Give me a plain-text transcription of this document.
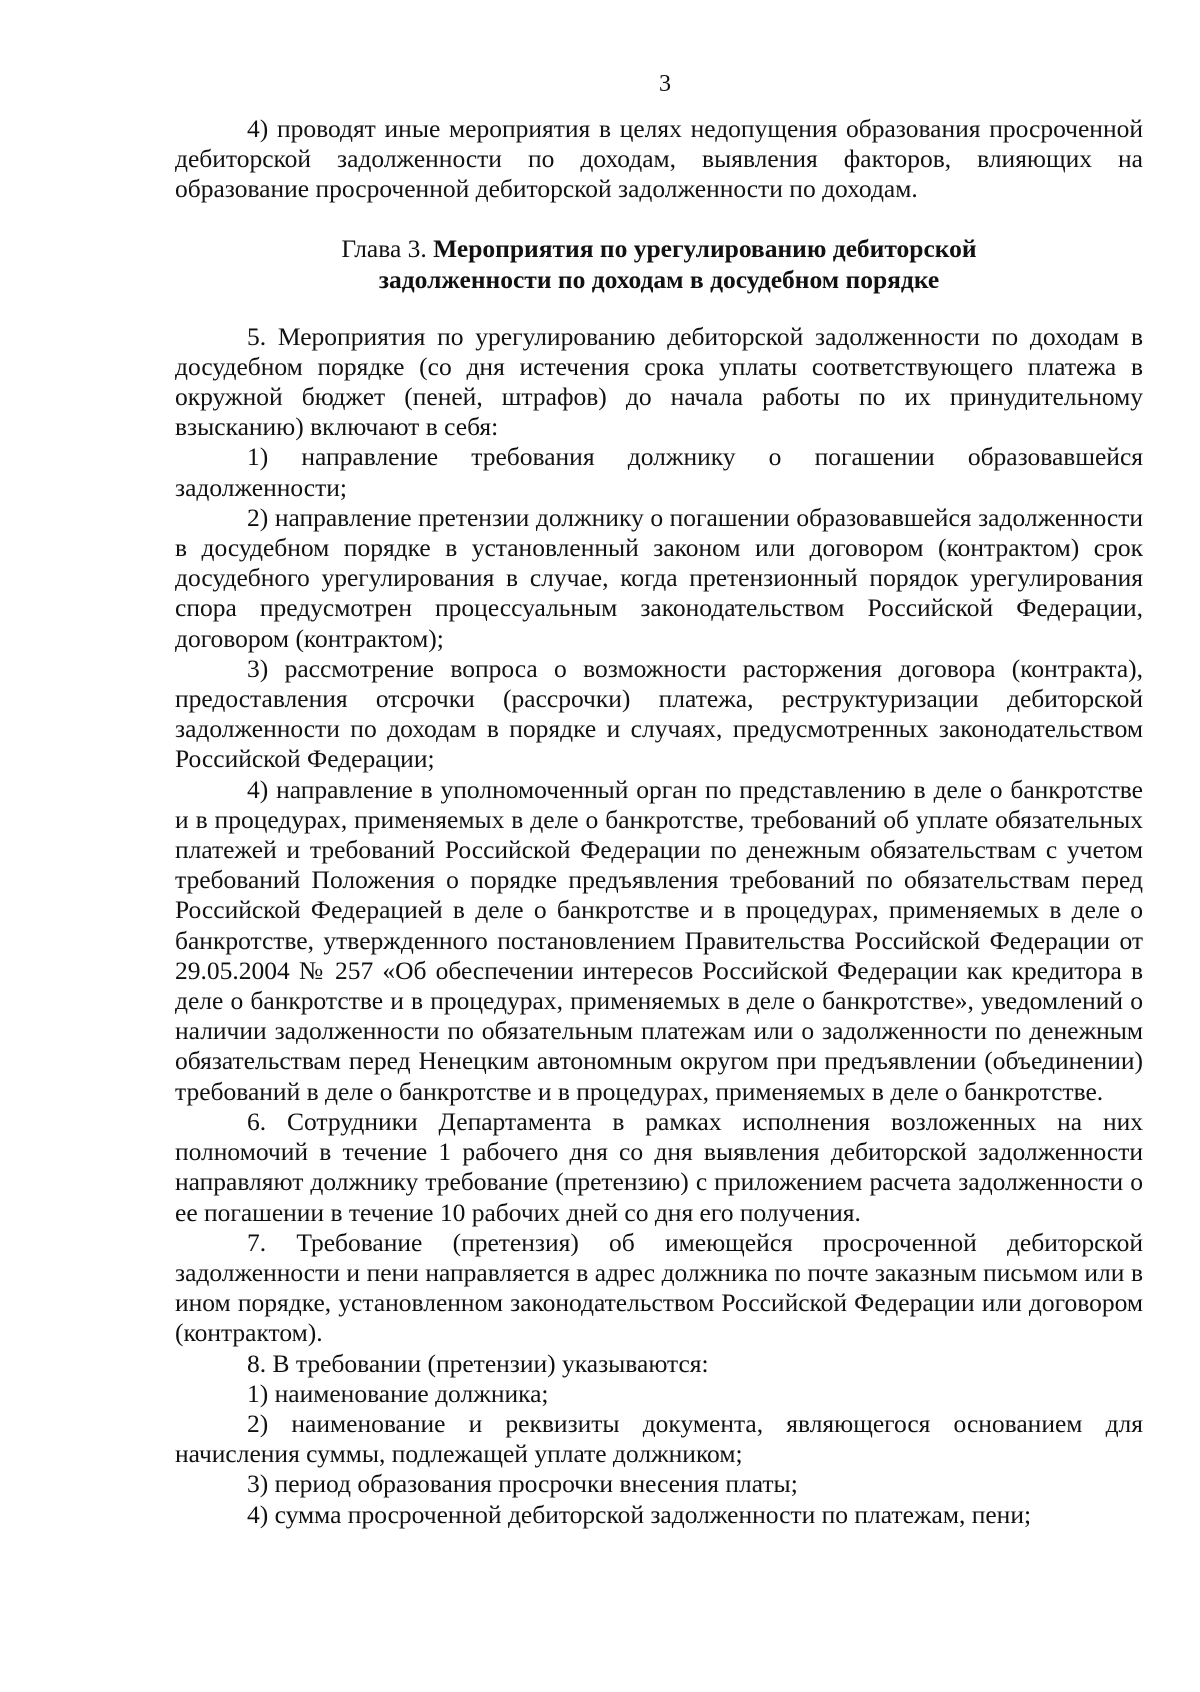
3

4) проводят иные мероприятия в целях недопущения образования просроченной дебиторской задолженности по доходам, выявления факторов, влияющих на образование просроченной дебиторской задолженности по доходам.

Глава 3. Мероприятия по урегулированию дебиторской
задолженности по доходам в досудебном порядке

5. Мероприятия по урегулированию дебиторской задолженности по доходам в досудебном порядке (со дня истечения срока уплаты соответствующего платежа в окружной бюджет (пеней, штрафов) до начала работы по их принудительному взысканию) включают в себя:

1) направление требования должнику о погашении образовавшейся задолженности;

2) направление претензии должнику о погашении образовавшейся задолженности в досудебном порядке в установленный законом или договором (контрактом) срок досудебного урегулирования в случае, когда претензионный порядок урегулирования спора предусмотрен процессуальным законодательством Российской Федерации, договором (контрактом);

3) рассмотрение вопроса о возможности расторжения договора (контракта), предоставления отсрочки (рассрочки) платежа, реструктуризации дебиторской задолженности по доходам в порядке и случаях, предусмотренных законодательством Российской Федерации;

4) направление в уполномоченный орган по представлению в деле о банкротстве и в процедурах, применяемых в деле о банкротстве, требований об уплате обязательных платежей и требований Российской Федерации по денежным обязательствам с учетом требований Положения о порядке предъявления требований по обязательствам перед Российской Федерацией в деле о банкротстве и в процедурах, применяемых в деле о банкротстве, утвержденного постановлением Правительства Российской Федерации от 29.05.2004 № 257 «Об обеспечении интересов Российской Федерации как кредитора в деле о банкротстве и в процедурах, применяемых в деле о банкротстве», уведомлений о наличии задолженности по обязательным платежам или о задолженности по денежным обязательствам перед Ненецким автономным округом при предъявлении (объединении) требований в деле о банкротстве и в процедурах, применяемых в деле о банкротстве.

6. Сотрудники Департамента в рамках исполнения возложенных на них полномочий в течение 1 рабочего дня со дня выявления дебиторской задолженности направляют должнику требование (претензию) с приложением расчета задолженности о ее погашении в течение 10 рабочих дней со дня его получения.

7. Требование (претензия) об имеющейся просроченной дебиторской задолженности и пени направляется в адрес должника по почте заказным письмом или в ином порядке, установленном законодательством Российской Федерации или договором (контрактом).

8. В требовании (претензии) указываются:

1) наименование должника;

2) наименование и реквизиты документа, являющегося основанием для начисления суммы, подлежащей уплате должником;

3) период образования просрочки внесения платы;

4) сумма просроченной дебиторской задолженности по платежам, пени;
